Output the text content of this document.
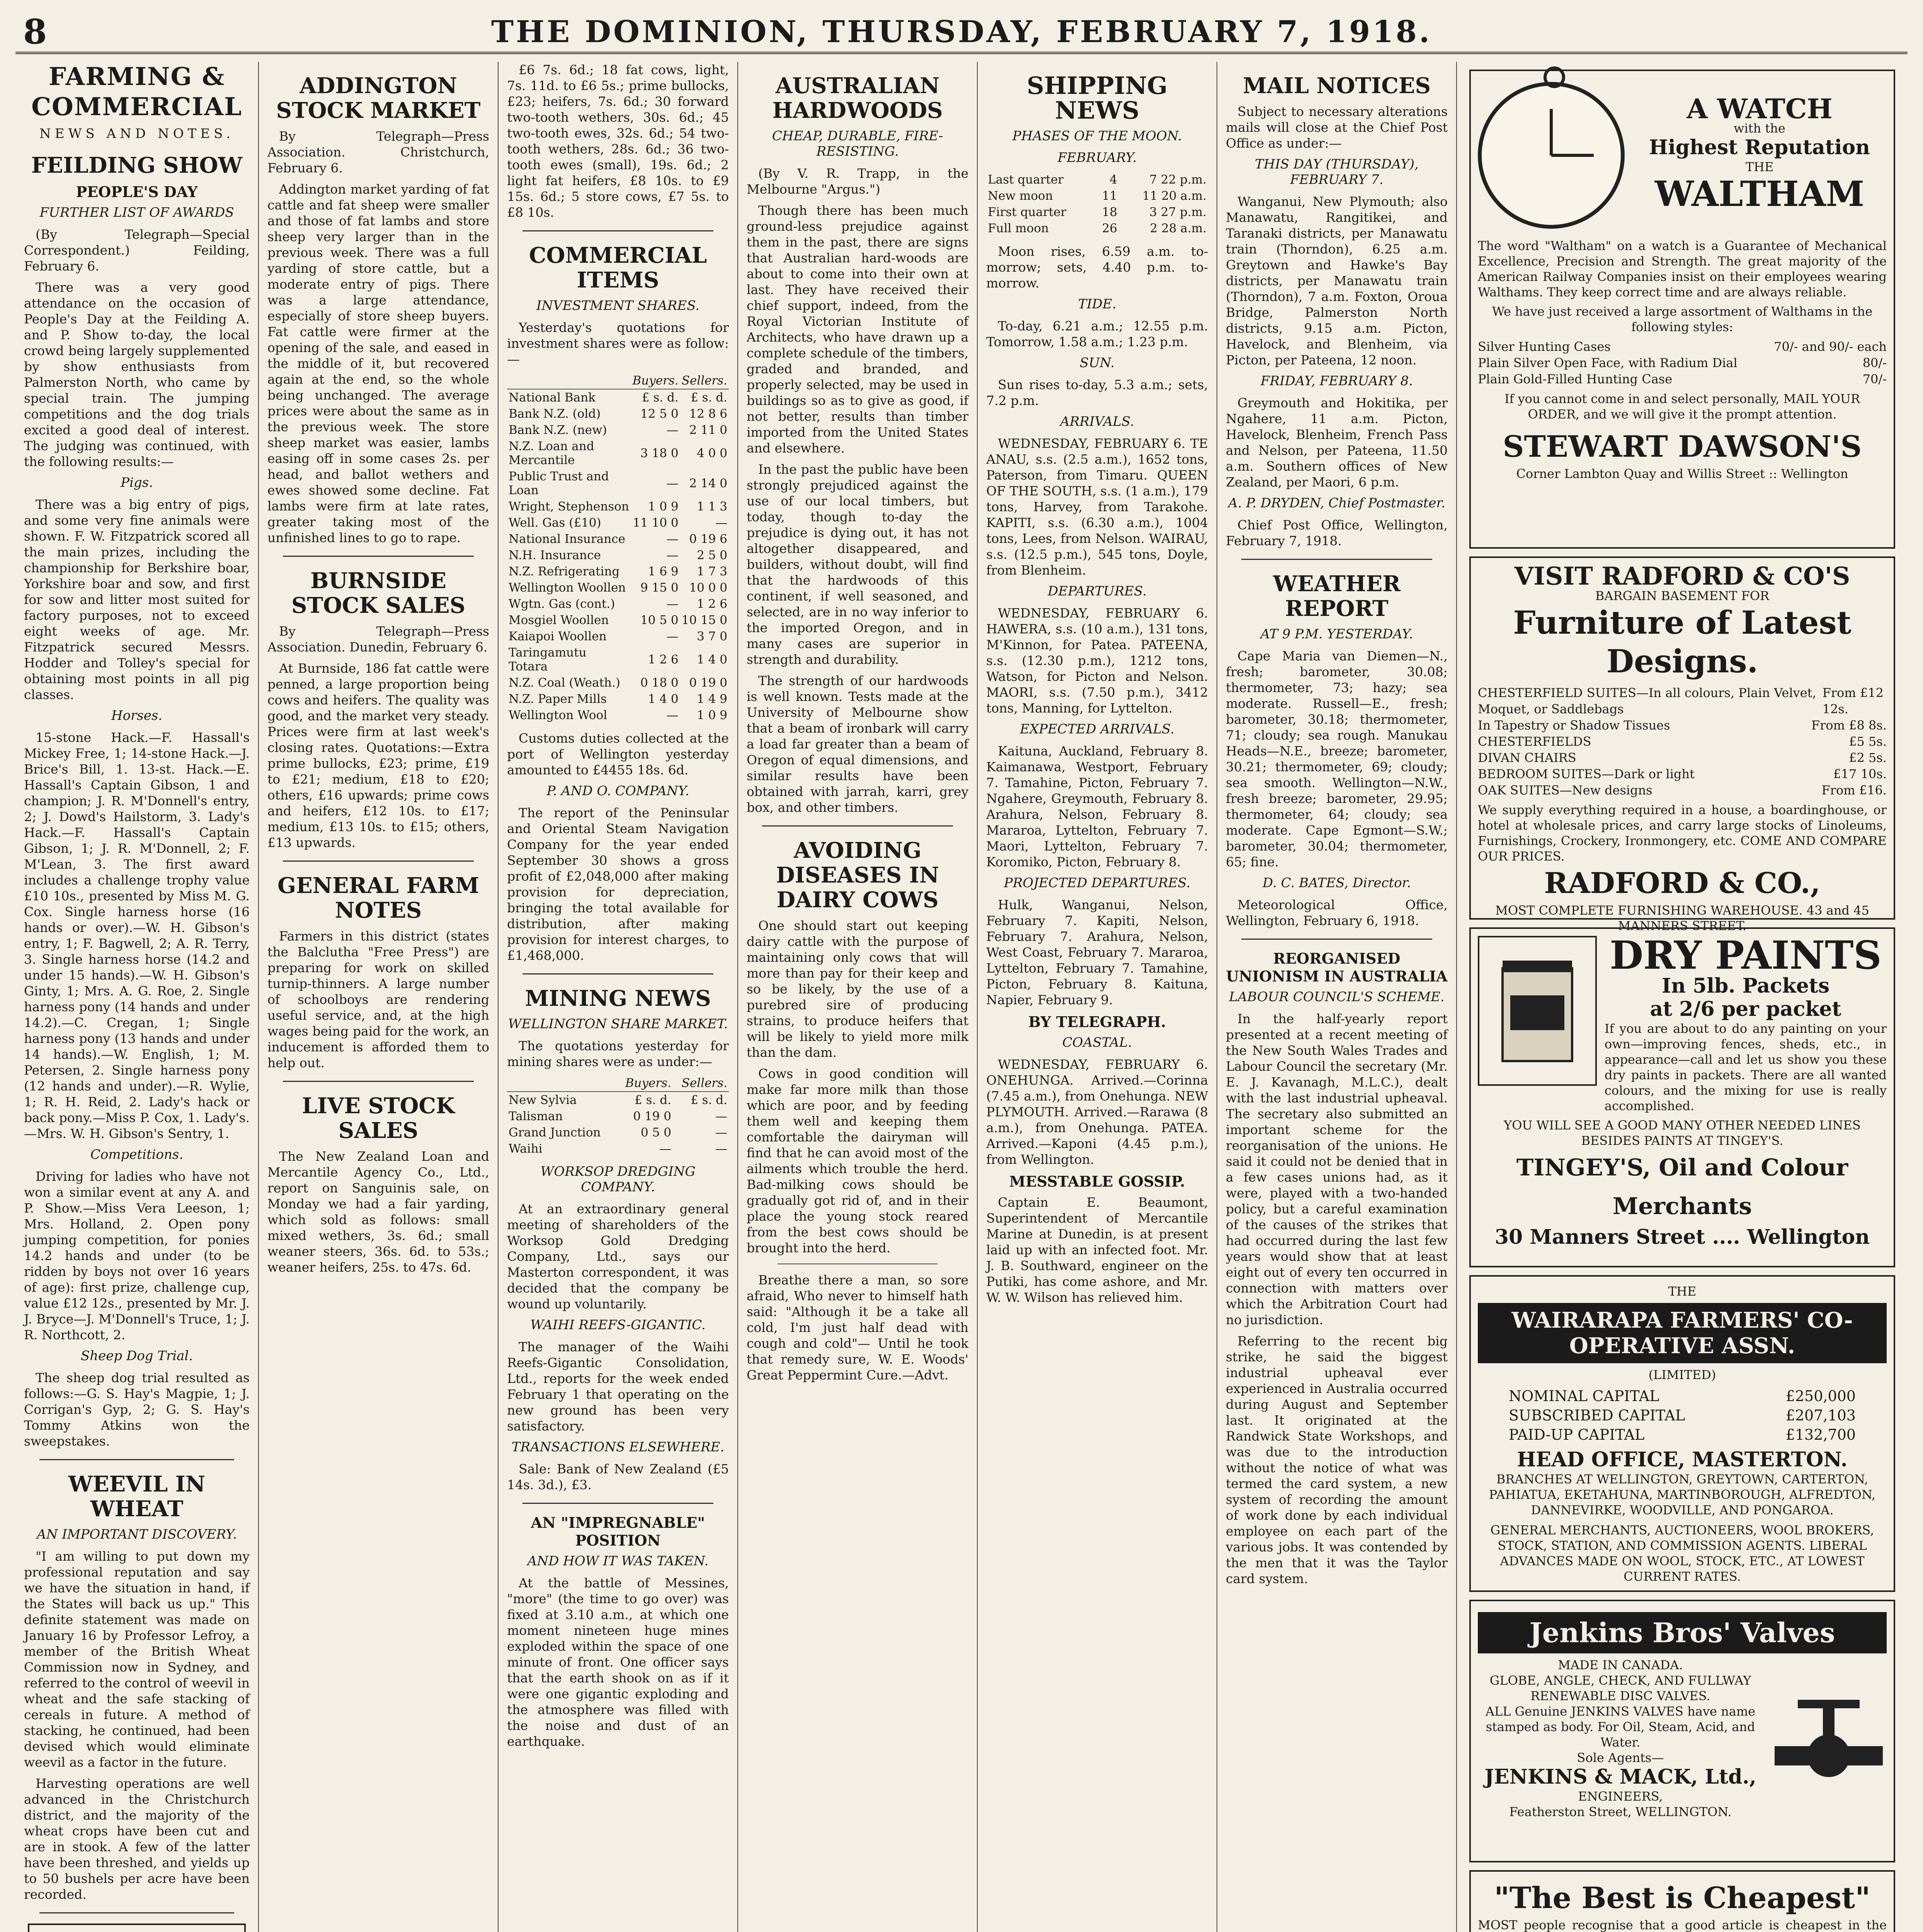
8	THE DOMINION, THURSDAY, FEBRUARY 7, 1918.
FARMING & COMMERCIAL
NEWS AND NOTES.
FEILDING SHOW
PEOPLE'S DAY
FURTHER LIST OF AWARDS

(By Telegraph—Special Correspondent.) Feilding, February 6.

There was a very good attendance on the occasion of People's Day at the Feilding A. and P. Show to-day, the local crowd being largely supplemented by show enthusiasts from Palmerston North, who came by special train. The jumping competitions and the dog trials excited a good deal of interest. The judging was continued, with the following results:—

Pigs.

There was a big entry of pigs, and some very fine animals were shown. F. W. Fitzpatrick scored all the main prizes, including the championship for Berkshire boar, Yorkshire boar and sow, and first for sow and litter most suited for factory purposes, not to exceed eight weeks of age. Mr. Fitzpatrick secured Messrs. Hodder and Tolley's special for obtaining most points in all pig classes.

Horses.

15-stone Hack.—F. Hassall's Mickey Free, 1; 14-stone Hack.—J. Brice's Bill, 1. 13-st. Hack.—E. Hassall's Captain Gibson, 1 and champion; J. R. M'Donnell's entry, 2; J. Dowd's Hailstorm, 3. Lady's Hack.—F. Hassall's Captain Gibson, 1; J. R. M'Donnell, 2; F. M'Lean, 3. The first award includes a challenge trophy value £10 10s., presented by Miss M. G. Cox. Single harness horse (16 hands or over).—W. H. Gibson's entry, 1; F. Bagwell, 2; A. R. Terry, 3. Single harness horse (14.2 and under 15 hands).—W. H. Gibson's Ginty, 1; Mrs. A. G. Roe, 2. Single harness pony (14 hands and under 14.2).—C. Cregan, 1; Single harness pony (13 hands and under 14 hands).—W. English, 1; M. Petersen, 2. Single harness pony (12 hands and under).—R. Wylie, 1; R. H. Reid, 2. Lady's hack or back pony.—Miss P. Cox, 1. Lady's.—Mrs. W. H. Gibson's Sentry, 1.

Competitions.

Driving for ladies who have not won a similar event at any A. and P. Show.—Miss Vera Leeson, 1; Mrs. Holland, 2. Open pony jumping competition, for ponies 14.2 hands and under (to be ridden by boys not over 16 years of age): first prize, challenge cup, value £12 12s., presented by Mr. J. J. Bryce—J. M'Donnell's Truce, 1; J. R. Northcott, 2.

Sheep Dog Trial.

The sheep dog trial resulted as follows:—G. S. Hay's Magpie, 1; J. Corrigan's Gyp, 2; G. S. Hay's Tommy Atkins won the sweepstakes.

WEEVIL IN WHEAT
AN IMPORTANT DISCOVERY.

"I am willing to put down my professional reputation and say we have the situation in hand, if the States will back us up." This definite statement was made on January 16 by Professor Lefroy, a member of the British Wheat Commission now in Sydney, and referred to the control of weevil in wheat and the safe stacking of cereals in future. A method of stacking, he continued, had been devised which would eliminate weevil as a factor in the future.

Harvesting operations are well advanced in the Christchurch district, and the majority of the wheat crops have been cut and are in stook. A few of the latter have been threshed, and yields up to 50 bushels per acre have been recorded.

ADDINGTON STOCK MARKET

By Telegraph—Press Association. Christchurch, February 6.

Addington market yarding of fat cattle and fat sheep were smaller and those of fat lambs and store sheep very larger than in the previous week. There was a full yarding of store cattle, but a moderate entry of pigs. There was a large attendance, especially of store sheep buyers. Fat cattle were firmer at the opening of the sale, and eased in the middle of it, but recovered again at the end, so the whole being unchanged. The average prices were about the same as in the previous week. The store sheep market was easier, lambs easing off in some cases 2s. per head, and ballot wethers and ewes showed some decline. Fat lambs were firm at late rates, greater taking most of the unfinished lines to go to rape.

BURNSIDE STOCK SALES

By Telegraph—Press Association. Dunedin, February 6.

At Burnside, 186 fat cattle were penned, a large proportion being cows and heifers. The quality was good, and the market very steady. Prices were firm at last week's closing rates. Quotations:—Extra prime bullocks, £23; prime, £19 to £21; medium, £18 to £20; others, £16 upwards; prime cows and heifers, £12 10s. to £17; medium, £13 10s. to £15; others, £13 upwards.

GENERAL FARM NOTES

Farmers in this district (states the Balclutha "Free Press") are preparing for work on skilled turnip-thinners. A large number of schoolboys are rendering useful service, and, at the high wages being paid for the work, an inducement is afforded them to help out.

LIVE STOCK SALES

The New Zealand Loan and Mercantile Agency Co., Ltd., report on Sanguinis sale, on Monday we had a fair yarding, which sold as follows: small mixed wethers, 3s. 6d.; small weaner steers, 36s. 6d. to 53s.; weaner heifers, 25s. to 47s. 6d.

£6 7s. 6d.; 18 fat cows, light, 7s. 11d. to £6 5s.; prime bullocks, £23; heifers, 7s. 6d.; 30 forward two-tooth wethers, 30s. 6d.; 45 two-tooth ewes, 32s. 6d.; 54 two-tooth wethers, 28s. 6d.; 36 two-tooth ewes (small), 19s. 6d.; 2 light fat heifers, £8 10s. to £9 15s. 6d.; 5 store cows, £7 5s. to £8 10s.

COMMERCIAL ITEMS
INVESTMENT SHARES.

Yesterday's quotations for investment shares were as follow:—

	Buyers.	Sellers.
National Bank	£ s. d.	£ s. d.
Bank N.Z. (old)	12 5 0	12 8 6
Bank N.Z. (new)	—	2 11 0
N.Z. Loan and Mercantile	3 18 0	4 0 0
Public Trust and Loan	—	2 14 0
Wright, Stephenson	1 0 9	1 1 3
Well. Gas (£10)	11 10 0	—
National Insurance	—	0 19 6
N.H. Insurance	—	2 5 0
N.Z. Refrigerating	1 6 9	1 7 3
Wellington Woollen	9 15 0	10 0 0
Wgtn. Gas (cont.)	—	1 2 6
Mosgiel Woollen	10 5 0	10 15 0
Kaiapoi Woollen	—	3 7 0
Taringamutu Totara	1 2 6	1 4 0
N.Z. Coal (Weath.)	0 18 0	0 19 0
N.Z. Paper Mills	1 4 0	1 4 9
Wellington Wool	—	1 0 9

Customs duties collected at the port of Wellington yesterday amounted to £4455 18s. 6d.

P. AND O. COMPANY.

The report of the Peninsular and Oriental Steam Navigation Company for the year ended September 30 shows a gross profit of £2,048,000 after making provision for depreciation, bringing the total available for distribution, after making provision for interest charges, to £1,468,000.

MINING NEWS
WELLINGTON SHARE MARKET.

The quotations yesterday for mining shares were as under:—

	Buyers.	Sellers.
New Sylvia	£ s. d.	£ s. d.
Talisman	0 19 0	—
Grand Junction	0 5 0	—
Waihi	—	—
WORKSOP DREDGING COMPANY.

At an extraordinary general meeting of shareholders of the Worksop Gold Dredging Company, Ltd., says our Masterton correspondent, it was decided that the company be wound up voluntarily.

WAIHI REEFS-GIGANTIC.

The manager of the Waihi Reefs-Gigantic Consolidation, Ltd., reports for the week ended February 1 that operating on the new ground has been very satisfactory.

TRANSACTIONS ELSEWHERE.

Sale: Bank of New Zealand (£5 14s. 3d.), £3.

AN "IMPREGNABLE" POSITION
AND HOW IT WAS TAKEN.

At the battle of Messines, "more" (the time to go over) was fixed at 3.10 a.m., at which one moment nineteen huge mines exploded within the space of one minute of front. One officer says that the earth shook on as if it were one gigantic exploding and the atmosphere was filled with the noise and dust of an earthquake.

AUSTRALIAN HARDWOODS
CHEAP, DURABLE, FIRE-RESISTING.

(By V. R. Trapp, in the Melbourne "Argus.")

Though there has been much ground-less prejudice against them in the past, there are signs that Australian hard-woods are about to come into their own at last. They have received their chief support, indeed, from the Royal Victorian Institute of Architects, who have drawn up a complete schedule of the timbers, graded and branded, and properly selected, may be used in buildings so as to give as good, if not better, results than timber imported from the United States and elsewhere.

In the past the public have been strongly prejudiced against the use of our local timbers, but today, though to-day the prejudice is dying out, it has not altogether disappeared, and builders, without doubt, will find that the hardwoods of this continent, if well seasoned, and selected, are in no way inferior to the imported Oregon, and in many cases are superior in strength and durability.

The strength of our hardwoods is well known. Tests made at the University of Melbourne show that a beam of ironbark will carry a load far greater than a beam of Oregon of equal dimensions, and similar results have been obtained with jarrah, karri, grey box, and other timbers.

AVOIDING DISEASES IN DAIRY COWS

One should start out keeping dairy cattle with the purpose of maintaining only cows that will more than pay for their keep and so be likely, by the use of a purebred sire of producing strains, to produce heifers that will be likely to yield more milk than the dam.

Cows in good condition will make far more milk than those which are poor, and by feeding them well and keeping them comfortable the dairyman will find that he can avoid most of the ailments which trouble the herd. Bad-milking cows should be gradually got rid of, and in their place the young stock reared from the best cows should be brought into the herd.

Breathe there a man, so sore afraid, Who never to himself hath said: "Although it be a take all cold, I'm just half dead with cough and cold"— Until he took that remedy sure, W. E. Woods' Great Peppermint Cure.—Advt.

SHIPPING NEWS
PHASES OF THE MOON.
FEBRUARY.
Last quarter	4	7 22 p.m.
New moon	11	11 20 a.m.
First quarter	18	3 27 p.m.
Full moon	26	2 28 a.m.

Moon rises, 6.59 a.m. to-morrow; sets, 4.40 p.m. to-morrow.

TIDE.

To-day, 6.21 a.m.; 12.55 p.m. Tomorrow, 1.58 a.m.; 1.23 p.m.

SUN.

Sun rises to-day, 5.3 a.m.; sets, 7.2 p.m.

ARRIVALS.

WEDNESDAY, FEBRUARY 6. TE ANAU, s.s. (2.5 a.m.), 1652 tons, Paterson, from Timaru. QUEEN OF THE SOUTH, s.s. (1 a.m.), 179 tons, Harvey, from Tarakohe. KAPITI, s.s. (6.30 a.m.), 1004 tons, Lees, from Nelson. WAIRAU, s.s. (12.5 p.m.), 545 tons, Doyle, from Blenheim.

DEPARTURES.

WEDNESDAY, FEBRUARY 6. HAWERA, s.s. (10 a.m.), 131 tons, M'Kinnon, for Patea. PATEENA, s.s. (12.30 p.m.), 1212 tons, Watson, for Picton and Nelson. MAORI, s.s. (7.50 p.m.), 3412 tons, Manning, for Lyttelton.

EXPECTED ARRIVALS.

Kaituna, Auckland, February 8. Kaimanawa, Westport, February 7. Tamahine, Picton, February 7. Ngahere, Greymouth, February 8. Arahura, Nelson, February 8. Mararoa, Lyttelton, February 7. Maori, Lyttelton, February 7. Koromiko, Picton, February 8.

PROJECTED DEPARTURES.

Hulk, Wanganui, Nelson, February 7. Kapiti, Nelson, February 7. Arahura, Nelson, West Coast, February 7. Mararoa, Lyttelton, February 7. Tamahine, Picton, February 8. Kaituna, Napier, February 9.

BY TELEGRAPH.
COASTAL.

WEDNESDAY, FEBRUARY 6. ONEHUNGA. Arrived.—Corinna (7.45 a.m.), from Onehunga. NEW PLYMOUTH. Arrived.—Rarawa (8 a.m.), from Onehunga. PATEA. Arrived.—Kaponi (4.45 p.m.), from Wellington.

MESSTABLE GOSSIP.

Captain E. Beaumont, Superintendent of Mercantile Marine at Dunedin, is at present laid up with an infected foot. Mr. J. B. Southward, engineer on the Putiki, has come ashore, and Mr. W. W. Wilson has relieved him.

MAIL NOTICES

Subject to necessary alterations mails will close at the Chief Post Office as under:—

THIS DAY (THURSDAY), FEBRUARY 7.

Wanganui, New Plymouth; also Manawatu, Rangitikei, and Taranaki districts, per Manawatu train (Thorndon), 6.25 a.m. Greytown and Hawke's Bay districts, per Manawatu train (Thorndon), 7 a.m. Foxton, Oroua Bridge, Palmerston North districts, 9.15 a.m. Picton, Havelock, and Blenheim, via Picton, per Pateena, 12 noon.

FRIDAY, FEBRUARY 8.

Greymouth and Hokitika, per Ngahere, 11 a.m. Picton, Havelock, Blenheim, French Pass and Nelson, per Pateena, 11.50 a.m. Southern offices of New Zealand, per Maori, 6 p.m.

A. P. DRYDEN, Chief Postmaster.

Chief Post Office, Wellington, February 7, 1918.

WEATHER REPORT
AT 9 P.M. YESTERDAY.

Cape Maria van Diemen—N., fresh; barometer, 30.08; thermometer, 73; hazy; sea moderate. Russell—E., fresh; barometer, 30.18; thermometer, 71; cloudy; sea rough. Manukau Heads—N.E., breeze; barometer, 30.21; thermometer, 69; cloudy; sea smooth. Wellington—N.W., fresh breeze; barometer, 29.95; thermometer, 64; cloudy; sea moderate. Cape Egmont—S.W.; barometer, 30.04; thermometer, 65; fine.

D. C. BATES, Director.

Meteorological Office, Wellington, February 6, 1918.

REORGANISED UNIONISM IN AUSTRALIA
LABOUR COUNCIL'S SCHEME.

In the half-yearly report presented at a recent meeting of the New South Wales Trades and Labour Council the secretary (Mr. E. J. Kavanagh, M.L.C.), dealt with the last industrial upheaval. The secretary also submitted an important scheme for the reorganisation of the unions. He said it could not be denied that in a few cases unions had, as it were, played with a two-handed policy, but a careful examination of the causes of the strikes that had occurred during the last few years would show that at least eight out of every ten occurred in connection with matters over which the Arbitration Court had no jurisdiction.

Referring to the recent big strike, he said the biggest industrial upheaval ever experienced in Australia occurred during August and September last. It originated at the Randwick State Workshops, and was due to the introduction without the notice of what was termed the card system, a new system of recording the amount of work done by each individual employee on each part of the various jobs. It was contended by the men that it was the Taylor card system.

A WATCH
with the
Highest Reputation
THE
WALTHAM
The word "Waltham" on a watch is a Guarantee of Mechanical Excellence, Precision and Strength. The great majority of the American Railway Companies insist on their employees wearing Walthams. They keep correct time and are always reliable.
We have just received a large assortment of Walthams in the following styles:
Silver Hunting Cases	70/- and 90/- each
Plain Silver Open Face, with Radium Dial	80/-
Plain Gold-Filled Hunting Case	70/-
If you cannot come in and select personally, MAIL YOUR ORDER, and we will give it the prompt attention.
STEWART DAWSON'S
Corner Lambton Quay and Willis Street :: Wellington
VISIT RADFORD & CO'S
BARGAIN BASEMENT FOR
Furniture of Latest Designs.
CHESTERFIELD SUITES—In all colours, Plain Velvet, Moquet, or Saddlebags
From £12 12s.
In Tapestry or Shadow Tissues	From £8 8s.
CHESTERFIELDS	£5 5s.
DIVAN CHAIRS	£2 5s.
BEDROOM SUITES—Dark or light	£17 10s.
OAK SUITES—New designs	From £16.
We supply everything required in a house, a boardinghouse, or hotel at wholesale prices, and carry large stocks of Linoleums, Furnishings, Crockery, Ironmongery, etc. COME AND COMPARE OUR PRICES.
RADFORD & CO.,
MOST COMPLETE FURNISHING WAREHOUSE. 43 and 45 MANNERS STREET.
DRY PAINTS
In 5lb. Packets
at 2/6 per packet
If you are about to do any painting on your own—improving fences, sheds, etc., in appearance—call and let us show you these dry paints in packets. There are all wanted colours, and the mixing for use is really accomplished.
YOU WILL SEE A GOOD MANY OTHER NEEDED LINES BESIDES PAINTS AT TINGEY'S.
TINGEY'S, Oil and Colour Merchants
30 Manners Street .... Wellington
THE
WAIRARAPA FARMERS' CO-OPERATIVE ASSN.
(LIMITED)
NOMINAL CAPITAL	£250,000
SUBSCRIBED CAPITAL	£207,103
PAID-UP CAPITAL	£132,700
HEAD OFFICE, MASTERTON.
BRANCHES AT WELLINGTON, GREYTOWN, CARTERTON, PAHIATUA, EKETAHUNA, MARTINBOROUGH, ALFREDTON, DANNEVIRKE, WOODVILLE, AND PONGAROA.
GENERAL MERCHANTS, AUCTIONEERS, WOOL BROKERS, STOCK, STATION, AND COMMISSION AGENTS. LIBERAL ADVANCES MADE ON WOOL, STOCK, ETC., AT LOWEST CURRENT RATES.
Jenkins Bros' Valves
MADE IN CANADA.
GLOBE, ANGLE, CHECK, AND FULLWAY RENEWABLE DISC VALVES.
ALL Genuine JENKINS VALVES have name stamped as body. For Oil, Steam, Acid, and Water.
Sole Agents—
JENKINS & MACK, Ltd.,
ENGINEERS,
Featherston Street, WELLINGTON.
"The Best is Cheapest"
MOST people recognise that a good article is cheapest in the
